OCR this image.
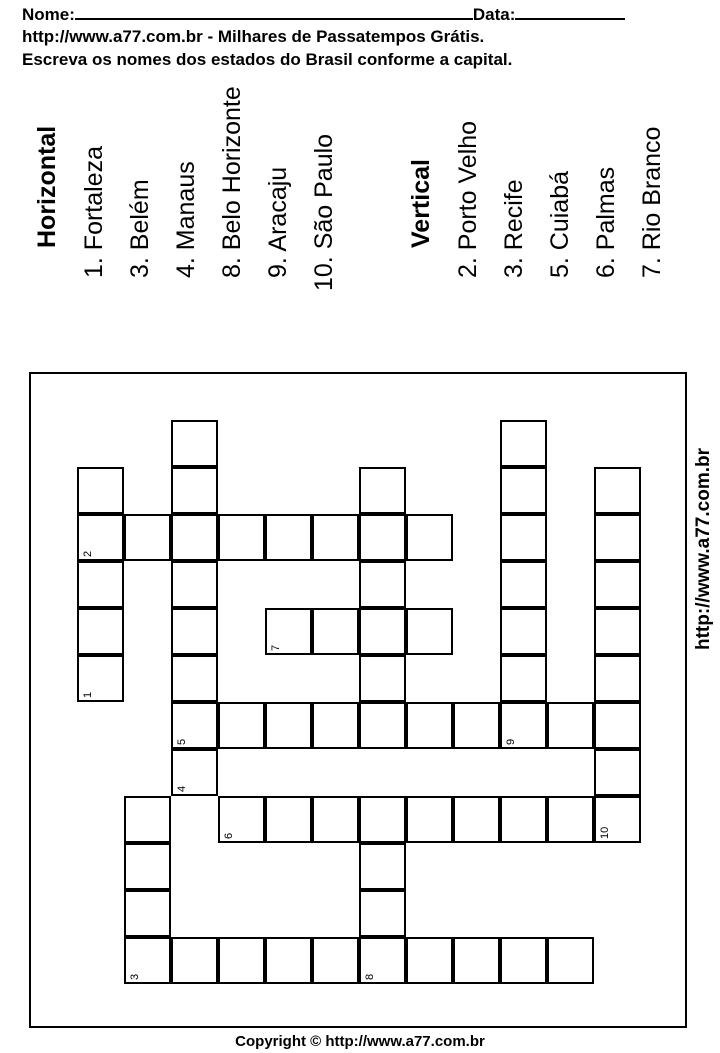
Nome:	Data:
http://www.a77.com.br - Milhares de Passatempos Grátis.
Escreva os nomes dos estados do Brasil conforme a capital.
Horizontal 1. Fortaleza 3. Belém 4. Manaus 8. Belo Horizonte 9. Aracaju 10. São Paulo	Vertical 2. Porto Velho 3. Recife 5. Cuiabá 6. Palmas 7. Rio Branco
2
7
1
5	9
4
6	10
3	8
http://www.a77.com.br
Copyright © http://www.a77.com.br
